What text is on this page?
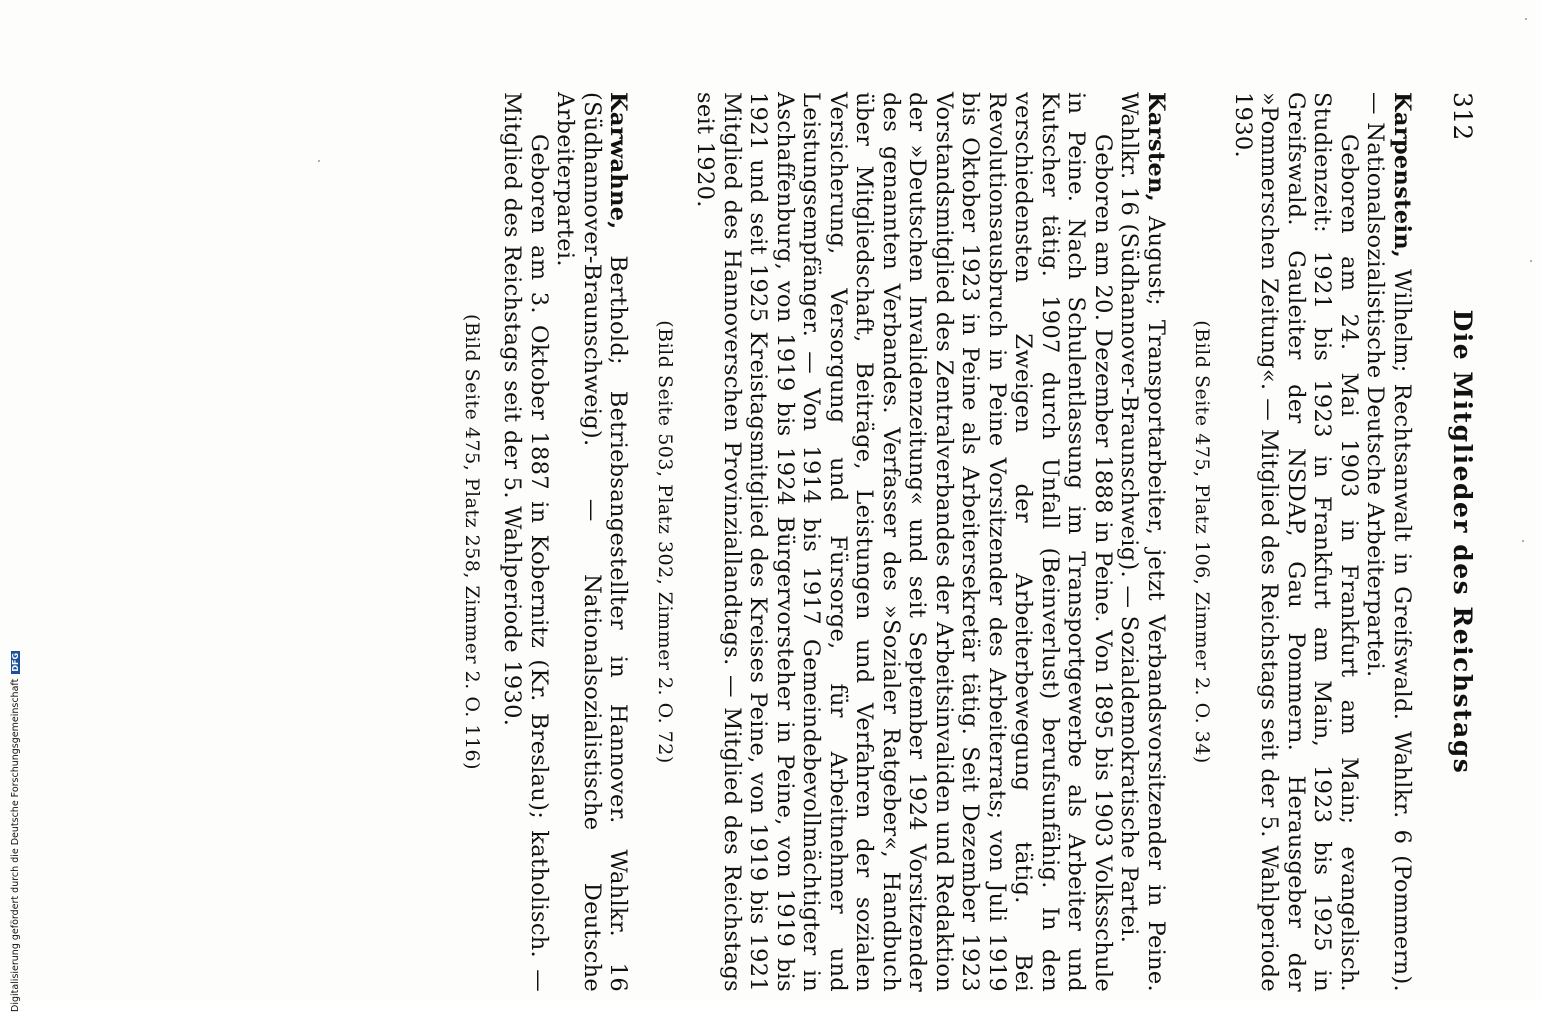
312
Die Mitglieder des Reichstags

Karpenstein, Wilhelm; Rechtsanwalt in Greifswald. Wahlkr. 6 (Pommern). — Nationalsozialistische Deutsche Arbeiterpartei.

Geboren am 24. Mai 1903 in Frankfurt am Main; evangelisch. Studienzeit: 1921 bis 1923 in Frankfurt am Main, 1923 bis 1925 in Greifswald. Gauleiter der NSDAP, Gau Pommern. Herausgeber der »Pommerschen Zeitung«. — Mitglied des Reichstags seit der 5. Wahlperiode 1930.

(Bild Seite 475, Platz 106, Zimmer 2. O. 34)

Karsten, August; Transportarbeiter, jetzt Verbandsvorsitzender in Peine. Wahlkr. 16 (Südhannover-Braunschweig). — Sozialdemokratische Partei.

Geboren am 20. Dezember 1888 in Peine. Von 1895 bis 1903 Volksschule in Peine. Nach Schulentlassung im Transportgewerbe als Arbeiter und Kutscher tätig. 1907 durch Unfall (Beinverlust) berufsunfähig. In den verschiedensten Zweigen der Arbeiterbewegung tätig. Bei Revolutionsausbruch in Peine Vorsitzender des Arbeiterrats; von Juli 1919 bis Oktober 1923 in Peine als Arbeitersekretär tätig. Seit Dezember 1923 Vorstandsmitglied des Zentralverbandes der Arbeitsinvaliden und Redaktion der »Deutschen Invalidenzeitung« und seit September 1924 Vorsitzender des genannten Verbandes. Verfasser des »Sozialer Ratgeber«, Handbuch über Mitgliedschaft, Beiträge, Leistungen und Verfahren der sozialen Versicherung, Versorgung und Fürsorge, für Arbeitnehmer und Leistungsempfänger. — Von 1914 bis 1917 Gemeindebevollmächtigter in Aschaffenburg, von 1919 bis 1924 Bürgervorsteher in Peine, von 1919 bis 1921 und seit 1925 Kreistagsmitglied des Kreises Peine, von 1919 bis 1921 Mitglied des Hannoverschen Provinziallandtags. — Mitglied des Reichstags seit 1920.

(Bild Seite 503, Platz 302, Zimmer 2. O. 72)

Karwahne, Berthold; Betriebsangestellter in Hannover. Wahlkr. 16 (Südhannover-Braunschweig). — Nationalsozialistische Deutsche Arbeiterpartei.

Geboren am 3. Oktober 1887 in Kobernitz (Kr. Breslau); katholisch. — Mitglied des Reichstags seit der 5. Wahlperiode 1930.

(Bild Seite 475, Platz 258, Zimmer 2. O. 116)
Digitalisierung gefördert durch die Deutsche Forschungsgemeinschaft DFG
